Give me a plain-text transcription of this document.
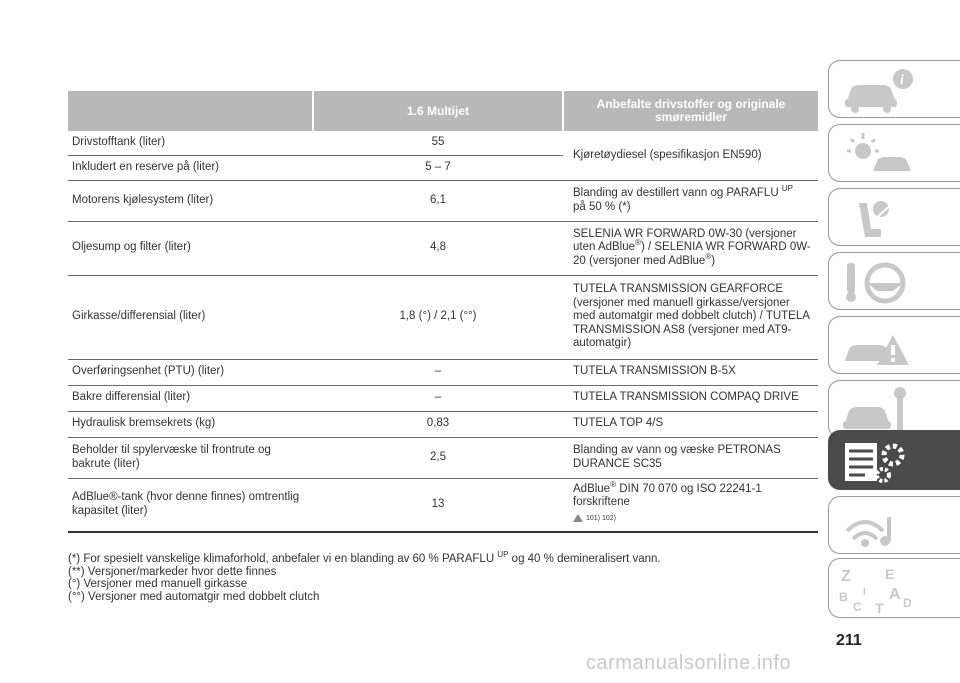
	1.6 Multijet	Anbefalte drivstoffer og originale smøremidler
Drivstofftank (liter)	55	Kjøretøydiesel (spesifikasjon EN590)
Inkludert en reserve på (liter)	5 – 7	
Motorens kjølesystem (liter)	6,1	Blanding av destillert vann og PARAFLU $^{UP}$
på 50 % (*)
Oljesump og filter (liter)	4,8	SELENIA WR FORWARD 0W-30 (versjoner uten AdBlue®) / SELENIA WR FORWARD 0W-20 (versjoner med AdBlue®)
Girkasse/differensial (liter)	1,8 (°) / 2,1 (°°)	TUTELA TRANSMISSION GEARFORCE (versjoner med manuell girkasse/versjoner med automatgir med dobbelt clutch) / TUTELA TRANSMISSION AS8 (versjoner med AT9-automatgir)
Overføringsenhet (PTU) (liter)	–	TUTELA TRANSMISSION B-5X
Bakre differensial (liter)	–	TUTELA TRANSMISSION COMPAQ DRIVE
Hydraulisk bremsekrets (kg)	0,83	TUTELA TOP 4/S
Beholder til spylervæske til frontrute og bakrute (liter)	2,5	Blanding av vann og væske PETRONAS DURANCE SC35
AdBlue®-tank (hvor denne finnes) omtrentlig kapasitet (liter)	13	AdBlue® DIN 70 070 og ISO 22241-1 forskriftene

101) 102)
(*) For spesielt vanskelige klimaforhold, anbefaler vi en blanding av 60 % PARAFLU $^{UP}$ og 40 % demineralisert vann.
(**) Versjoner/markeder hvor dette finnes
(°) Versjoner med manuell girkasse
(°°) Versjoner med automatgir med dobbelt clutch
i
Z E
B	A
C	D
T
I
211
carmanualsonline.info
